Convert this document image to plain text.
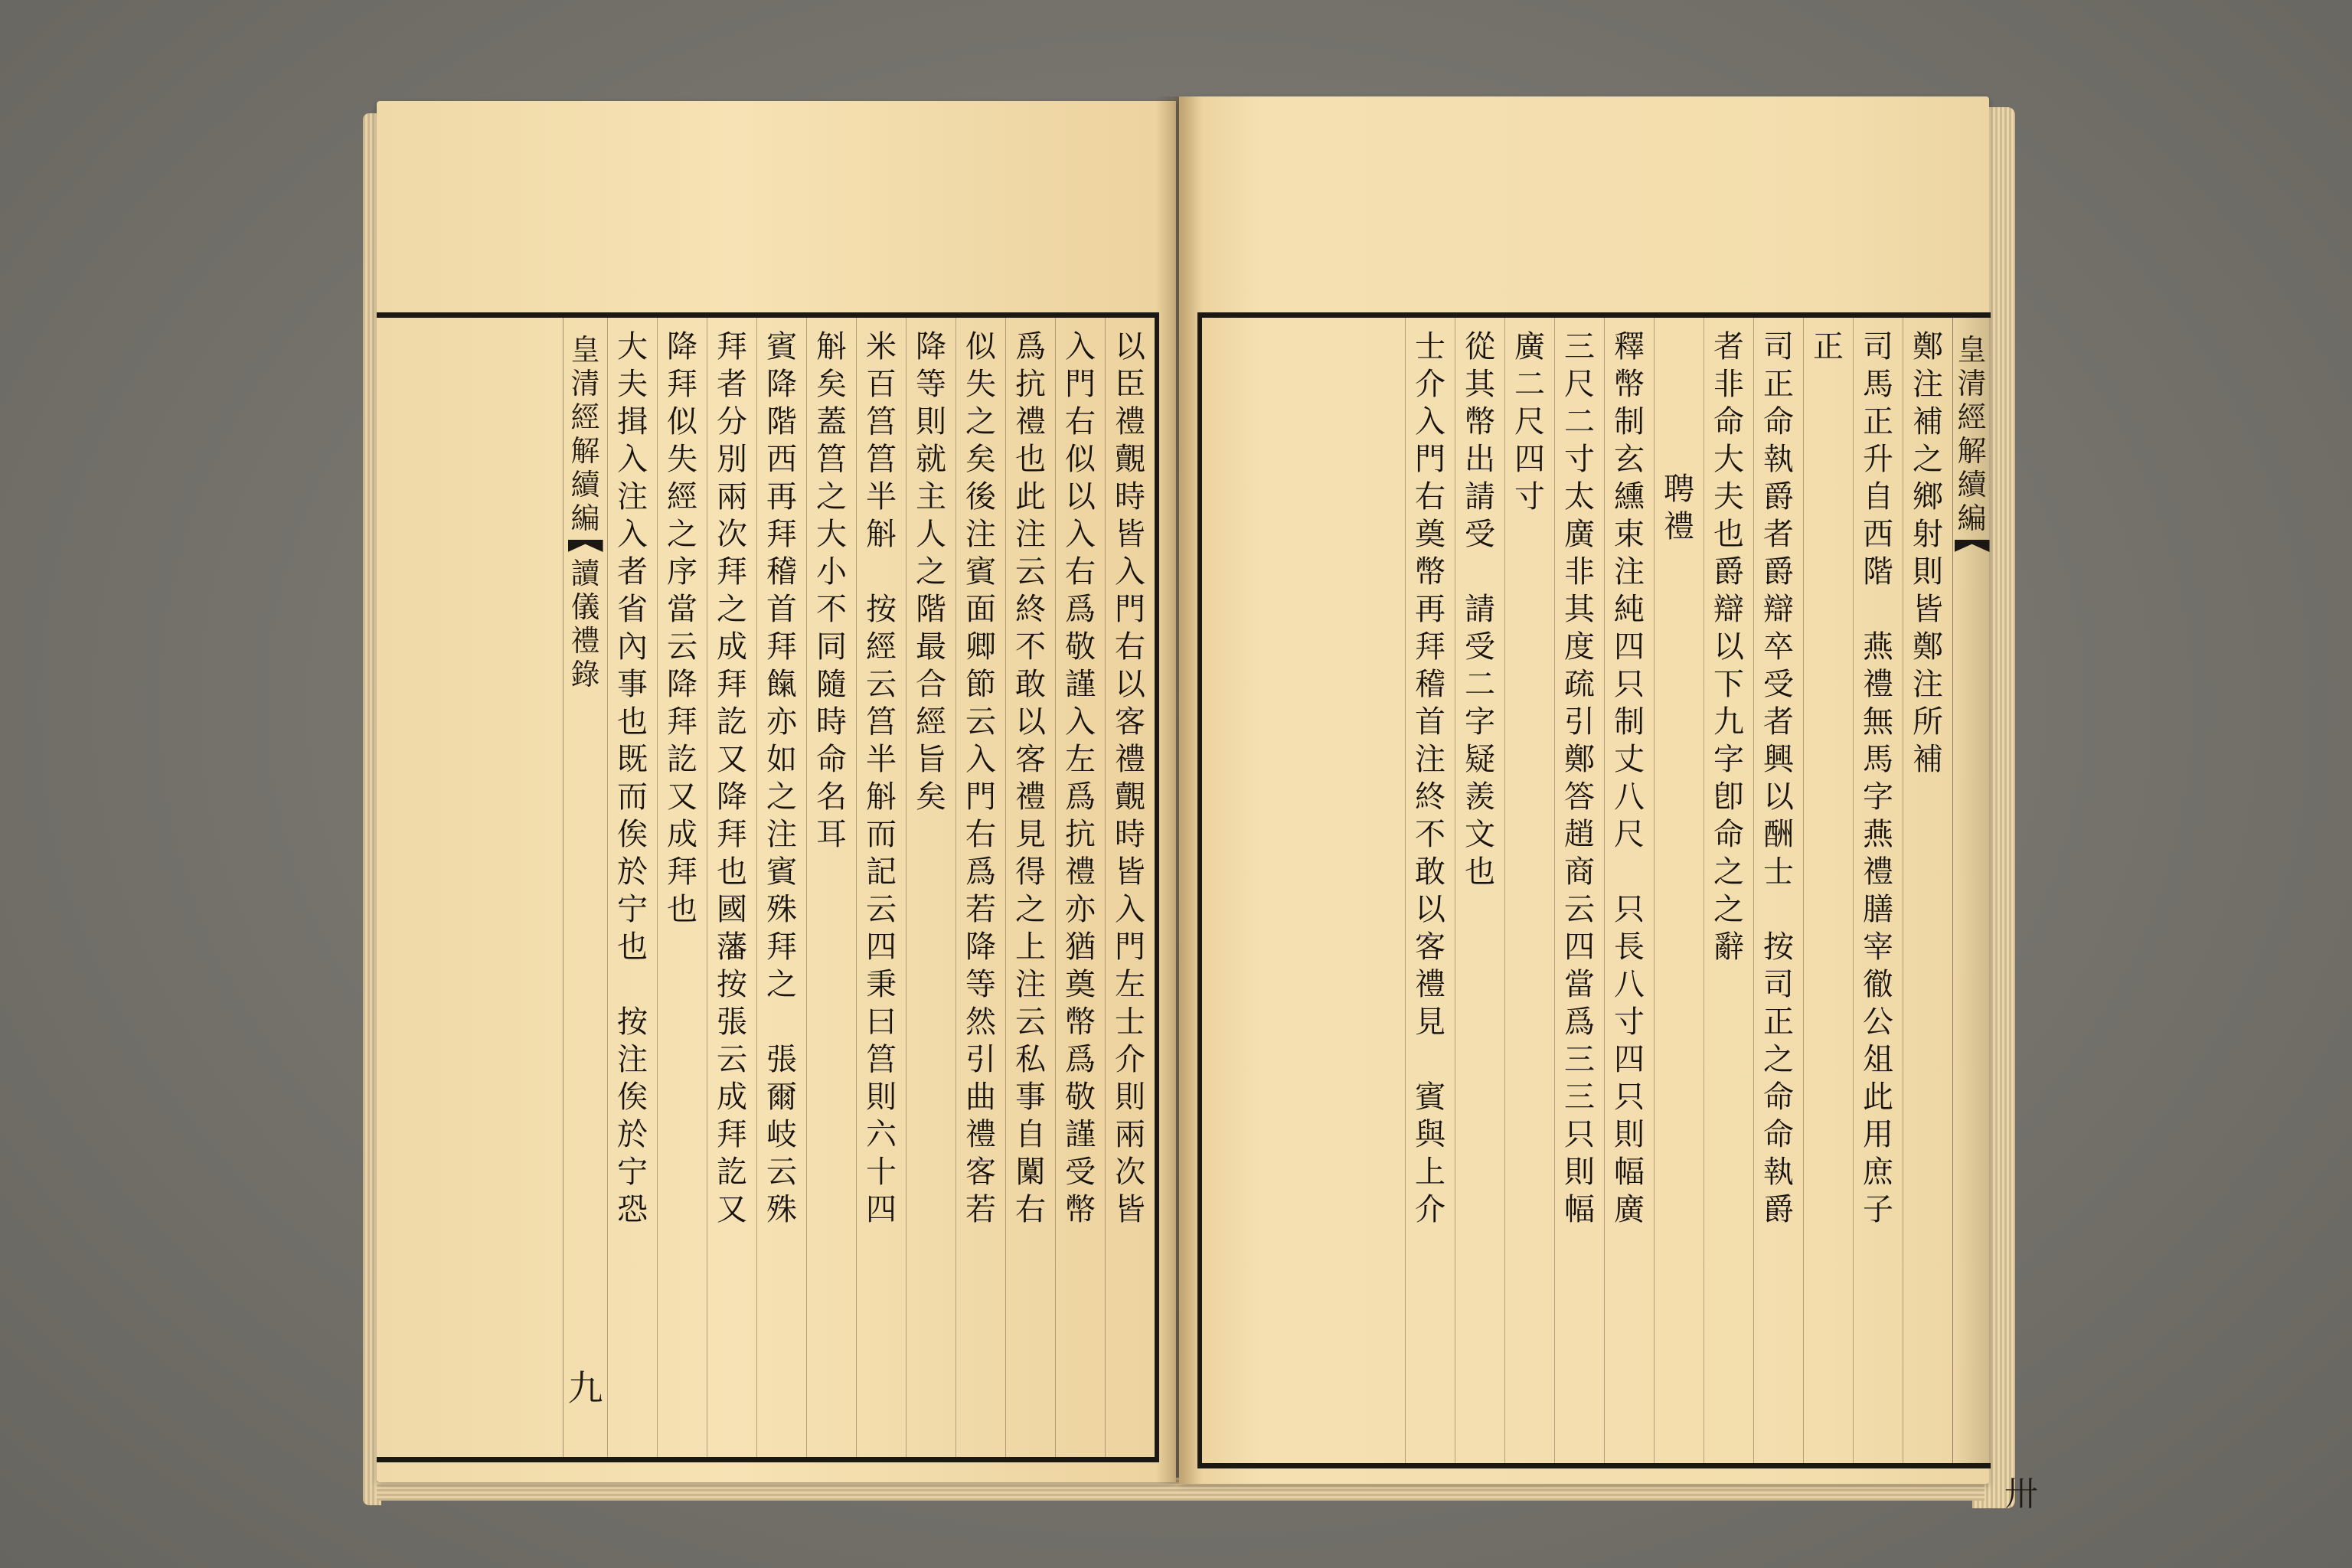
以
臣
禮
覿
時
皆
入
門
右
以
客
禮
覿
時
皆
入
門
左
士
介
則
兩
次
皆
入
門
右
似
以
入
右
爲
敬
謹
入
左
爲
抗
禮
亦
猶
奠
幣
爲
敬
謹
受
幣
爲
抗
禮
也
此
注
云
終
不
敢
以
客
禮
見
得
之
上
注
云
私
事
自
闑
右
似
失
之
矣
後
注
賓
面
卿
節
云
入
門
右
爲
若
降
等
然
引
曲
禮
客
若
降
等
則
就
主
人
之
階
最
合
經
旨
矣
米
百
筥
筥
半
斛
按
經
云
筥
半
斛
而
記
云
四
秉
曰
筥
則
六
十
四
斛
矣
蓋
筥
之
大
小
不
同
隨
時
命
名
耳
賓
降
階
西
再
拜
稽
首
拜
餼
亦
如
之
注
賓
殊
拜
之
張
爾
岐
云
殊
拜
者
分
別
兩
次
拜
之
成
拜
訖
又
降
拜
也
國
藩
按
張
云
成
拜
訖
又
降
拜
似
失
經
之
序
當
云
降
拜
訖
又
成
拜
也
大
夫
揖
入
注
入
者
省
內
事
也
既
而
俟
於
宁
也
按
注
俟
於
宁
恐
皇
清
經
解
續
編
讀
儀
禮
錄
九
皇
清
經
解
續
編
鄭
注
補
之
鄉
射
則
皆
鄭
注
所
補
司
馬
正
升
自
西
階
燕
禮
無
馬
字
燕
禮
膳
宰
徹
公
俎
此
用
庶
子
正
司
正
命
執
爵
者
爵
辯
卒
受
者
興
以
酬
士
按
司
正
之
命
命
執
爵
者
非
命
大
夫
也
爵
辯
以
下
九
字
卽
命
之
之
辭
聘
禮
釋
幣
制
玄
纁
束
注
純
四
只
制
丈
八
尺
只
長
八
寸
四
只
則
幅
廣
三
尺
二
寸
太
廣
非
其
度
疏
引
鄭
答
趙
商
云
四
當
爲
三
三
只
則
幅
廣
二
尺
四
寸
從
其
幣
出
請
受
請
受
二
字
疑
羨
文
也
士
介
入
門
右
奠
幣
再
拜
稽
首
注
終
不
敢
以
客
禮
見
賓
與
上
介
卅
